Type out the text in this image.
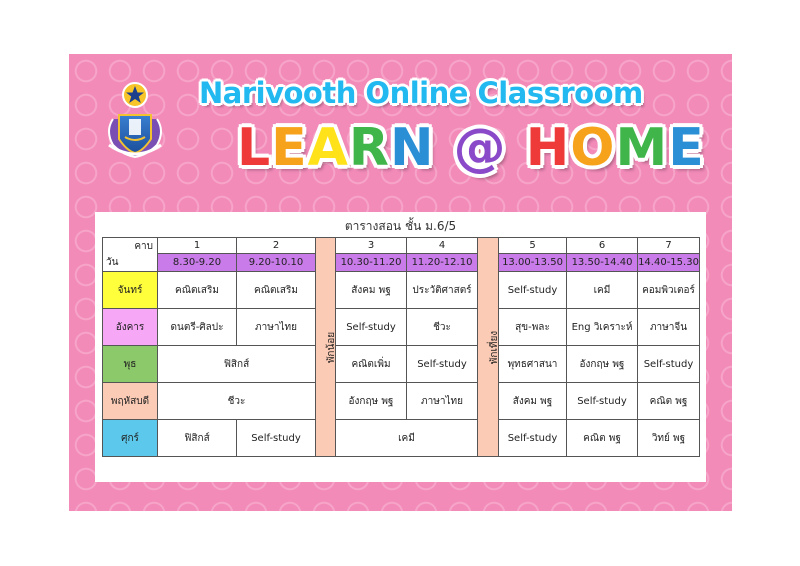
Narivooth Online Classroom
LEARN @ HOME
ตารางสอน ชั้น ม.6/5
คาบ
วัน	1	2	พักน้อย	3	4	พักเที่ยง	5	6	7
	8.30-9.20	9.20-10.10		10.30-11.20	11.20-12.10		13.00-13.50	13.50-14.40	14.40-15.30
จันทร์	คณิตเสริม	คณิตเสริม		สังคม พฐ	ประวัติศาสตร์		Self-study	เคมี	คอมพิวเตอร์
อังคาร	ดนตรี-ศิลปะ	ภาษาไทย		Self-study	ชีวะ		สุข-พละ	Eng วิเคราะห์	ภาษาจีน
พุธ	ฟิสิกส์			คณิตเพิ่ม	Self-study		พุทธศาสนา	อังกฤษ พฐ	Self-study
พฤหัสบดี	ชีวะ			อังกฤษ พฐ	ภาษาไทย		สังคม พฐ	Self-study	คณิต พฐ
ศุกร์	ฟิสิกส์	Self-study		เคมี			Self-study	คณิต พฐ	วิทย์ พฐ
